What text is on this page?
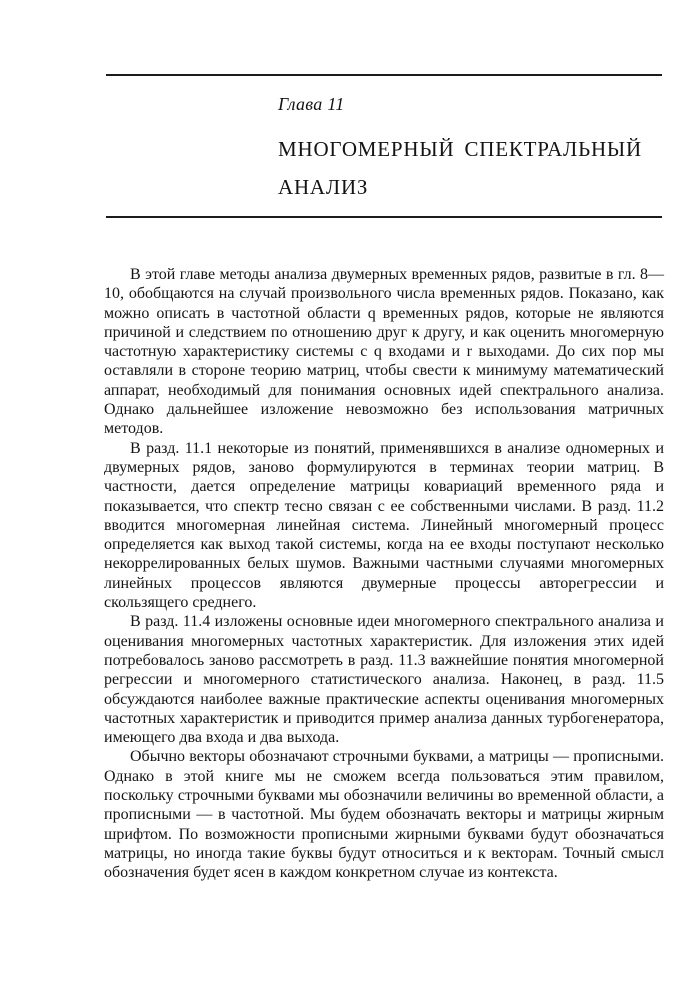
Глава 11
МНОГОМЕРНЫЙ СПЕКТРАЛЬНЫЙ АНАЛИЗ

В этой главе методы анализа двумерных временных рядов, развитые в гл. 8—10, обобщаются на случай произвольного числа временных рядов. Показано, как можно описать в частотной области q временных рядов, которые не являются причиной и следствием по отношению друг к другу, и как оценить многомерную частотную характеристику системы с q входами и r выходами. До сих пор мы оставляли в стороне теорию матриц, чтобы свести к минимуму математический аппарат, необходимый для понимания основных идей спектрального анализа. Однако дальнейшее изложение невозможно без использования матричных методов.

В разд. 11.1 некоторые из понятий, применявшихся в анализе одномерных и двумерных рядов, заново формулируются в терминах теории матриц. В частности, дается определение матрицы ковариаций временного ряда и показывается, что спектр тесно связан с ее собственными числами. В разд. 11.2 вводится многомерная линейная система. Линейный многомерный процесс определяется как выход такой системы, когда на ее входы поступают несколько некоррелированных белых шумов. Важными частными случаями многомерных линейных процессов являются двумерные процессы авторегрессии и скользящего среднего.

В разд. 11.4 изложены основные идеи многомерного спектрального анализа и оценивания многомерных частотных характеристик. Для изложения этих идей потребовалось заново рассмотреть в разд. 11.3 важнейшие понятия многомерной регрессии и многомерного статистического анализа. Наконец, в разд. 11.5 обсуждаются наиболее важные практические аспекты оценивания многомерных частотных характеристик и приводится пример анализа данных турбогенератора, имеющего два входа и два выхода.

Обычно векторы обозначают строчными буквами, а матрицы — прописными. Однако в этой книге мы не сможем всегда пользоваться этим правилом, поскольку строчными буквами мы обозначили величины во временной области, а прописными — в частотной. Мы будем обозначать векторы и матрицы жирным шрифтом. По возможности прописными жирными буквами будут обозначаться матрицы, но иногда такие буквы будут относиться и к векторам. Точный смысл обозначения будет ясен в каждом конкретном случае из контекста.
